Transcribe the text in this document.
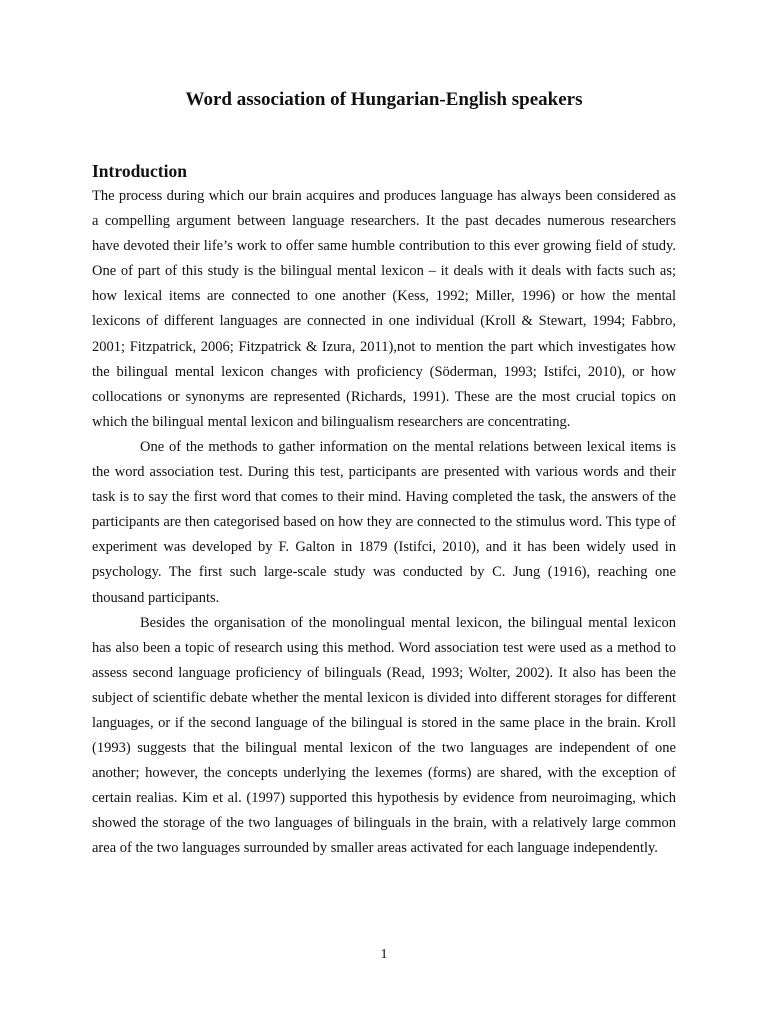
Word association of Hungarian-English speakers
Introduction

The process during which our brain acquires and produces language has always been considered as a compelling argument between language researchers. It the past decades numerous researchers have devoted their life’s work to offer same humble contribution to this ever growing field of study. One of part of this study is the bilingual mental lexicon – it deals with it deals with facts such as; how lexical items are connected to one another (Kess, 1992; Miller, 1996) or how the mental lexicons of different languages are connected in one individual (Kroll & Stewart, 1994; Fabbro, 2001; Fitzpatrick, 2006; Fitzpatrick & Izura, 2011),not to mention the part which investigates how the bilingual mental lexicon changes with proficiency (Söderman, 1993; Istifci, 2010), or how collocations or synonyms are represented (Richards, 1991). These are the most crucial topics on which the bilingual mental lexicon and bilingualism researchers are concentrating.

One of the methods to gather information on the mental relations between lexical items is the word association test. During this test, participants are presented with various words and their task is to say the first word that comes to their mind. Having completed the task, the answers of the participants are then categorised based on how they are connected to the stimulus word. This type of experiment was developed by F. Galton in 1879 (Istifci, 2010), and it has been widely used in psychology. The first such large-scale study was conducted by C. Jung (1916), reaching one thousand participants.

Besides the organisation of the monolingual mental lexicon, the bilingual mental lexicon has also been a topic of research using this method. Word association test were used as a method to assess second language proficiency of bilinguals (Read, 1993; Wolter, 2002). It also has been the subject of scientific debate whether the mental lexicon is divided into different storages for different languages, or if the second language of the bilingual is stored in the same place in the brain. Kroll (1993) suggests that the bilingual mental lexicon of the two languages are independent of one another; however, the concepts underlying the lexemes (forms) are shared, with the exception of certain realias. Kim et al. (1997) supported this hypothesis by evidence from neuroimaging, which showed the storage of the two languages of bilinguals in the brain, with a relatively large common area of the two languages surrounded by smaller areas activated for each language independently.

1
